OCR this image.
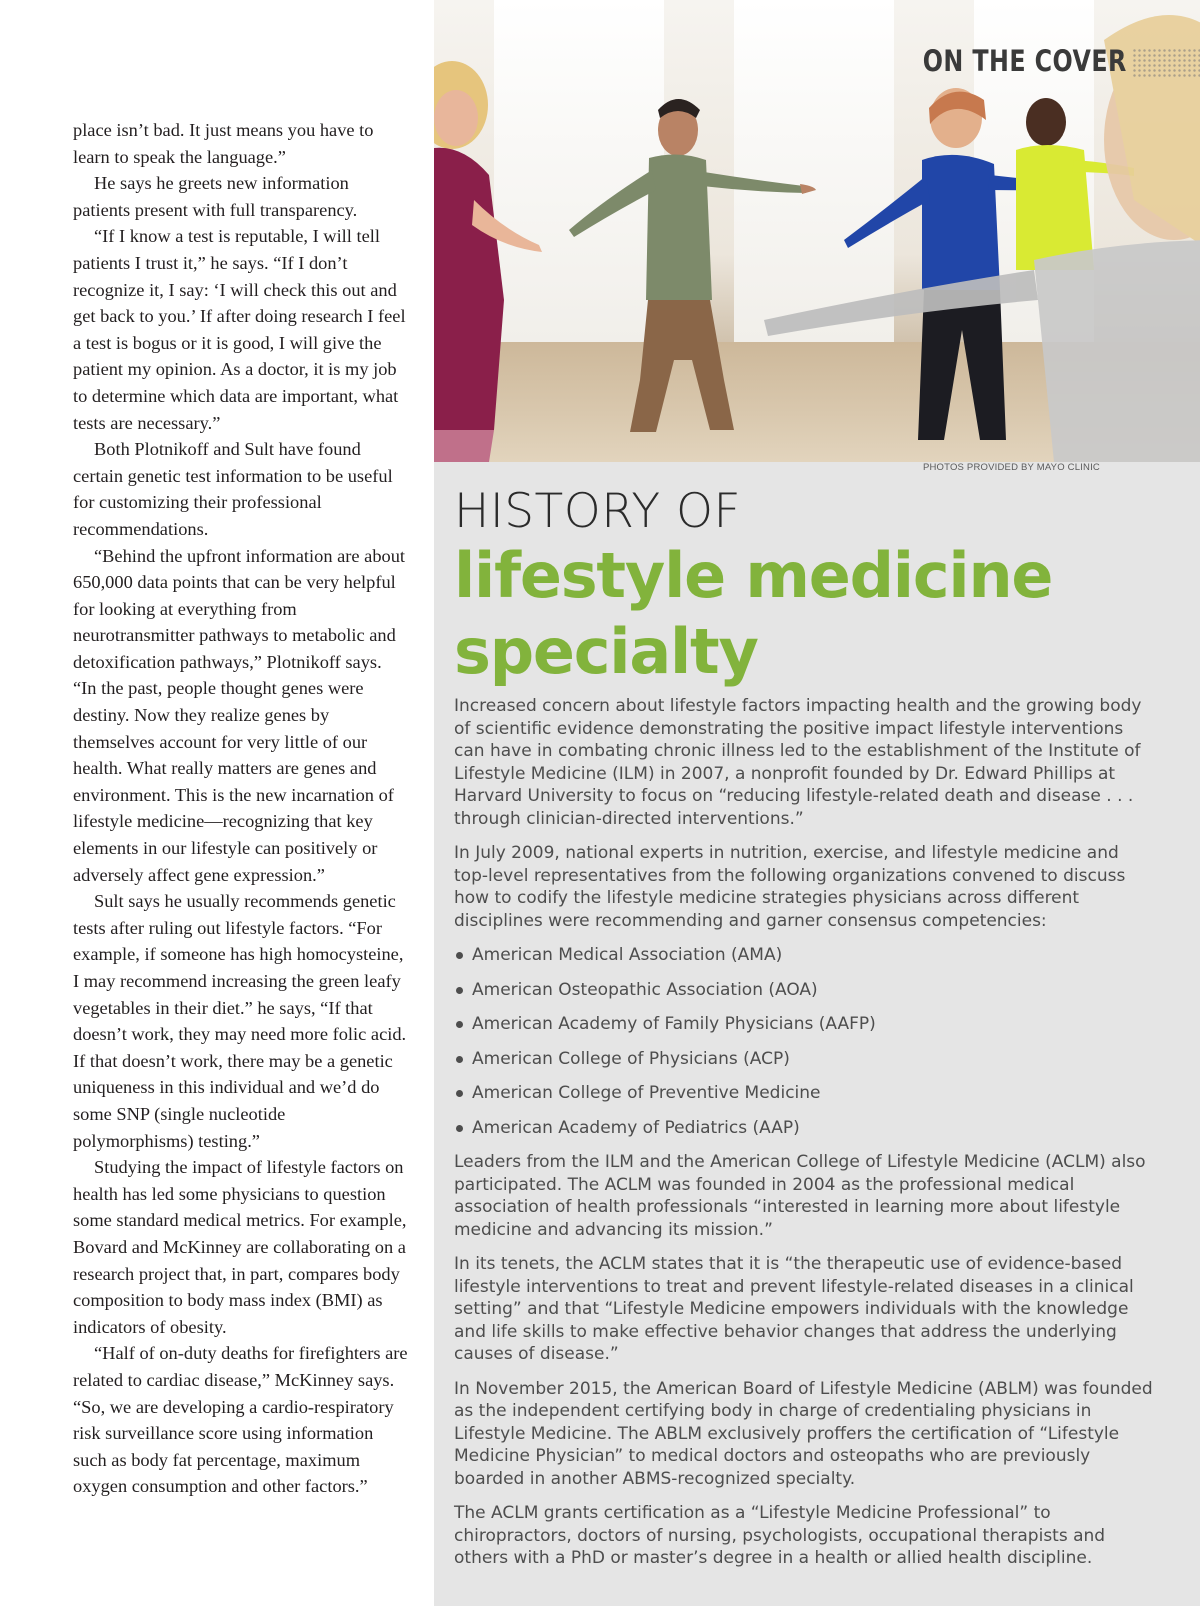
place isn’t bad. It just means you have to learn to speak the language.”

He says he greets new information patients present with full transparency.

“If I know a test is reputable, I will tell patients I trust it,” he says. “If I don’t recognize it, I say: ‘I will check this out and get back to you.’ If after doing research I feel a test is bogus or it is good, I will give the patient my opinion. As a doctor, it is my job to determine which data are important, what tests are necessary.”

Both Plotnikoff and Sult have found certain genetic test information to be useful for customizing their professional recommendations.

“Behind the upfront information are about 650,000 data points that can be very helpful for looking at everything from neurotransmitter pathways to metabolic and detoxification pathways,” Plotnikoff says. “In the past, people thought genes were destiny. Now they realize genes by themselves account for very little of our health. What really matters are genes and environment. This is the new incarnation of lifestyle medicine—recognizing that key elements in our lifestyle can positively or adversely affect gene expression.”

Sult says he usually recommends genetic tests after ruling out lifestyle factors. “For example, if someone has high homocysteine, I may recommend increasing the green leafy vegetables in their diet.” he says, “If that doesn’t work, they may need more folic acid. If that doesn’t work, there may be a genetic uniqueness in this individual and we’d do some SNP (single nucleotide polymorphisms) testing.”

Studying the impact of lifestyle factors on health has led some physicians to question some standard medical metrics. For example, Bovard and McKinney are collaborating on a research project that, in part, compares body composition to body mass index (BMI) as indicators of obesity.

“Half of on-duty deaths for firefighters are related to cardiac disease,” McKinney says. “So, we are developing a cardio-respiratory risk surveillance score using information such as body fat percentage, maximum oxygen consumption and other factors.”

ON THE COVER
PHOTOS PROVIDED BY MAYO CLINIC
HISTORY OF
lifestyle medicine specialty

Increased concern about lifestyle factors impacting health and the growing body of scientific evidence demonstrating the positive impact lifestyle interventions can have in combating chronic illness led to the establishment of the Institute of Lifestyle Medicine (ILM) in 2007, a nonprofit founded by Dr. Edward Phillips at Harvard University to focus on “reducing lifestyle-related death and disease . . . through clinician-directed interventions.”

In July 2009, national experts in nutrition, exercise, and lifestyle medicine and top-level representatives from the following organizations convened to discuss how to codify the lifestyle medicine strategies physicians across different disciplines were recommending and garner consensus competencies:

American Medical Association (AMA)
American Osteopathic Association (AOA)
American Academy of Family Physicians (AAFP)
American College of Physicians (ACP)
American College of Preventive Medicine
American Academy of Pediatrics (AAP)

Leaders from the ILM and the American College of Lifestyle Medicine (ACLM) also participated. The ACLM was founded in 2004 as the professional medical association of health professionals “interested in learning more about lifestyle medicine and advancing its mission.”

In its tenets, the ACLM states that it is “the therapeutic use of evidence-based lifestyle interventions to treat and prevent lifestyle-related diseases in a clinical setting” and that “Lifestyle Medicine empowers individuals with the knowledge and life skills to make effective behavior changes that address the underlying causes of disease.”

In November 2015, the American Board of Lifestyle Medicine (ABLM) was founded as the independent certifying body in charge of credentialing physicians in Lifestyle Medicine. The ABLM exclusively proffers the certification of “Lifestyle Medicine Physician” to medical doctors and osteopaths who are previously boarded in another ABMS-recognized specialty.

The ACLM grants certification as a “Lifestyle Medicine Professional” to chiropractors, doctors of nursing, psychologists, occupational therapists and others with a PhD or master’s degree in a health or allied health discipline.
